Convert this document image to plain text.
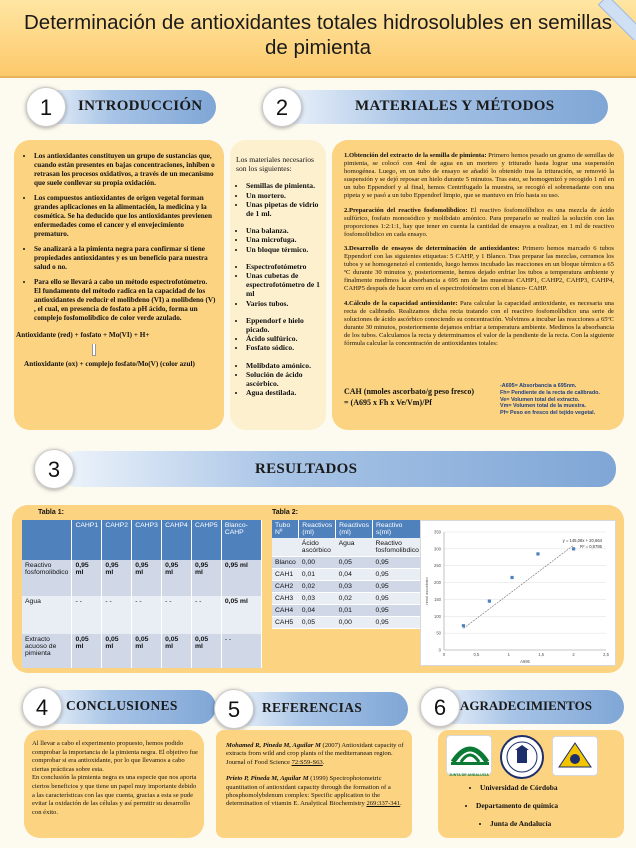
Determinación de antioxidantes totales hidrosolubles en semillas de pimienta
1	INTRODUCCIÓN	2	MATERIALES Y MÉTODOS
• Los antioxidantes constituyen un grupo de sustancias que, cuando están presentes en bajas concentraciones, inhiben o retrasan los procesos oxidativos, a través de un mecanismo que suele conllevar su propia oxidación.
• Los compuestos antioxidantes de origen vegetal forman grandes aplicaciones en la alimentación, la medicina y la cosmética. Se ha deducido que los antioxidantes previenen enfermedades como el cancer y el envejecimiento prematuro.
• Se analizará a la pimienta negra para confirmar si tiene propiedades antioxidantes y es un beneficio para nuestra salud o no.
• Para ello se llevará a cabo un método espectrofotómetro.
El fundamento del método radica en la capacidad de los antioxidantes de reducir el molibdeno (VI) a molibdeno (V) , el cual, en presencia de fosfato a pH ácido, forma un complejo fosfomolibdico de color verde azulado.
Antioxidante (red) + fosfato + Mo(VI) + H+
Antioxidante (ox) + complejo fosfato/Mo(V) (color azul)
Los materiales necesarios son los siguientes:
• Semillas de pimienta.
• Un mortero.
• Unas pipetas de vidrio de 1 ml.
• Una balanza.
• Una microfuga.
• Un bloque térmico.
• Espectrofotómetro
• Unas cubetas de espectrofotómetro de 1 ml
• Varios tubos.
• Eppendorf e hielo picado.
• Ácido sulfúrico.
• Fosfato sódico.
• Molibdato amónico.
• Solución de ácido ascórbico.
• Agua destilada.

1.Obtención del extracto de la semilla de pimienta: Primero hemos pesado un gramo de semillas de pimienta, se colocó con 4ml de agua en un mortero y triturado hasta lograr una suspensión homogénea. Luego, en un tubo de ensayo se añadió lo obtenido tras la trituración, se removió la suspensión y se dejó reposar en hielo durante 5 minutos. Tras esto, se homogenizó y recogido 1 ml en un tubo Eppendorf y al final, hemos Centrifugado la muestra, se recogió el sobrenadante con una pipeta y se pasó a un tubo Eppendorf limpio, que se mantuvo en frío hasta su uso.

2.Preparación del reactivo fosfomolíbdico: El reactivo fosfomolíbdico es una mezcla de ácido sulfúrico, fosfato monosódico y molibdato amónico. Para prepararlo se realizó la solución con las proporciones 1:2:1:1, hay que tener en cuenta la cantidad de ensayos a realizar, en 1 ml de reactivo fosfomolibdico en cada ensayo.

3.Desarrollo de ensayos de determinación de antioxidantes: Primero hemos marcado 6 tubos Eppendorf con las siguientes etiquetas: 5 CAHP, y 1 Blanco. Tras preparar las mezclas, cerramos los tubos y se homogeneizó el contenido, luego hemos incubado las reacciones en un bloque térmico a 65 ºC durante 30 minutos y, posteriormente, hemos dejado enfriar los tubos a temperatura ambiente y finalmente medimos la absorbancia a 695 nm de las muestras CAHP1, CAHP2, CAHP3, CAHP4, CAHP5 después de hacer cero en el espectrofotómetro con el blanco- CAHP.

4.Cálculo de la capacidad antioxidante: Para calcular la capacidad antioxidante, es necesaria una recta de calibrado. Realizamos dicha recta tratando con el reactivo fosfomolíbdico una serie de soluciones de ácido ascórbico conociendo su concentración. Volvimos a incubar las reacciones a 65ºC durante 30 minutos, posteriormente dejamos enfriar a temperatura ambiente. Medimos la absorbancia de los tubos. Calculamos la recta y determinamos el valor de la pendiente de la recta. Con la siguiente fórmula calcular la concentración de antioxidantes totales:

CAH (nmoles ascorbato/g peso fresco)
= (A695 x Fh x Ve/Vm)/Pf
-A695= Absorbancia a 695nm.
Fh= Pendiente de la recta de calibrado.
Ve= Volumen total del extracto.
Vm= Volumen total de la muestra.
Pf= Peso en fresco del tejido vegetal.
3	RESULTADOS
Tabla 1:	Tabla 2:
	CAHP1	CAHP2	CAHP3	CAHP4	CAHP5	Blanco-CAHP
Reactivo fosfomolibdico	0,95 ml	0,95 ml	0,95 ml	0,95 ml	0,95 ml	0,95 ml
Agua	- -	- -	- -	- -	- -	0,05 ml
Extracto acuoso de pimienta	0,05 ml	0,05 ml	0,05 ml	0,05 ml	0,05 ml	- -
Tubo Nº	Reactivos (ml)	Reactivos (ml)	Reactivo s(ml)
	Ácido ascórbico	Agua	Reactivo fosfomolibdico
Blanco	0,00	0,05	0,95
CAH1	0,01	0,04	0,95
CAH2	0,02	0,03	0,95
CAH3	0,03	0,02	0,95
CAH4	0,04	0,01	0,95
CAH5	0,05	0,00	0,95
0
50
100
150
200
250
300
350
0	0,5	1	1,5	2	2,5
y = 145,08x + 20,664
R² = 0,9785
A695
nmol ascorbato
4	CONCLUSIONES	5	REFERENCIAS	6	AGRADECIMIENTOS
Al llevar a cabo el experimento propuesto, hemos podido comprobar la importancia de la pimienta negra. El objetivo fue comprobar si era antioxidante, por lo que llevamos a cabo ciertas prácticas sobre esta.
En conclusión la pimienta negra es una especie que nos aporta ciertos beneficios y que tiene un papel muy importante debido a las características con las que cuenta, gracias a esta se pude evitar la oxidación de las células y así permitir su desarrollo con éxito.

Mohamed R, Pineda M, Aguilar M (2007) Antioxidant capacity of extracts from wild and crop plants of the mediterranean region. Journal of Food Science 72:S59-S63.

Prieto P, Pineda M, Aguilar M (1999) Spectrophotometric quantitation of antioxidant capacity through the formation of a phosphomolybdenum complex: Specific application to the determination of vitamin E. Analytical Biochemistry 269:337-341.

JUNTA DE ANDALUCIA
• Universidad de Córdoba
• Departamento de química
• Junta de Andalucía
